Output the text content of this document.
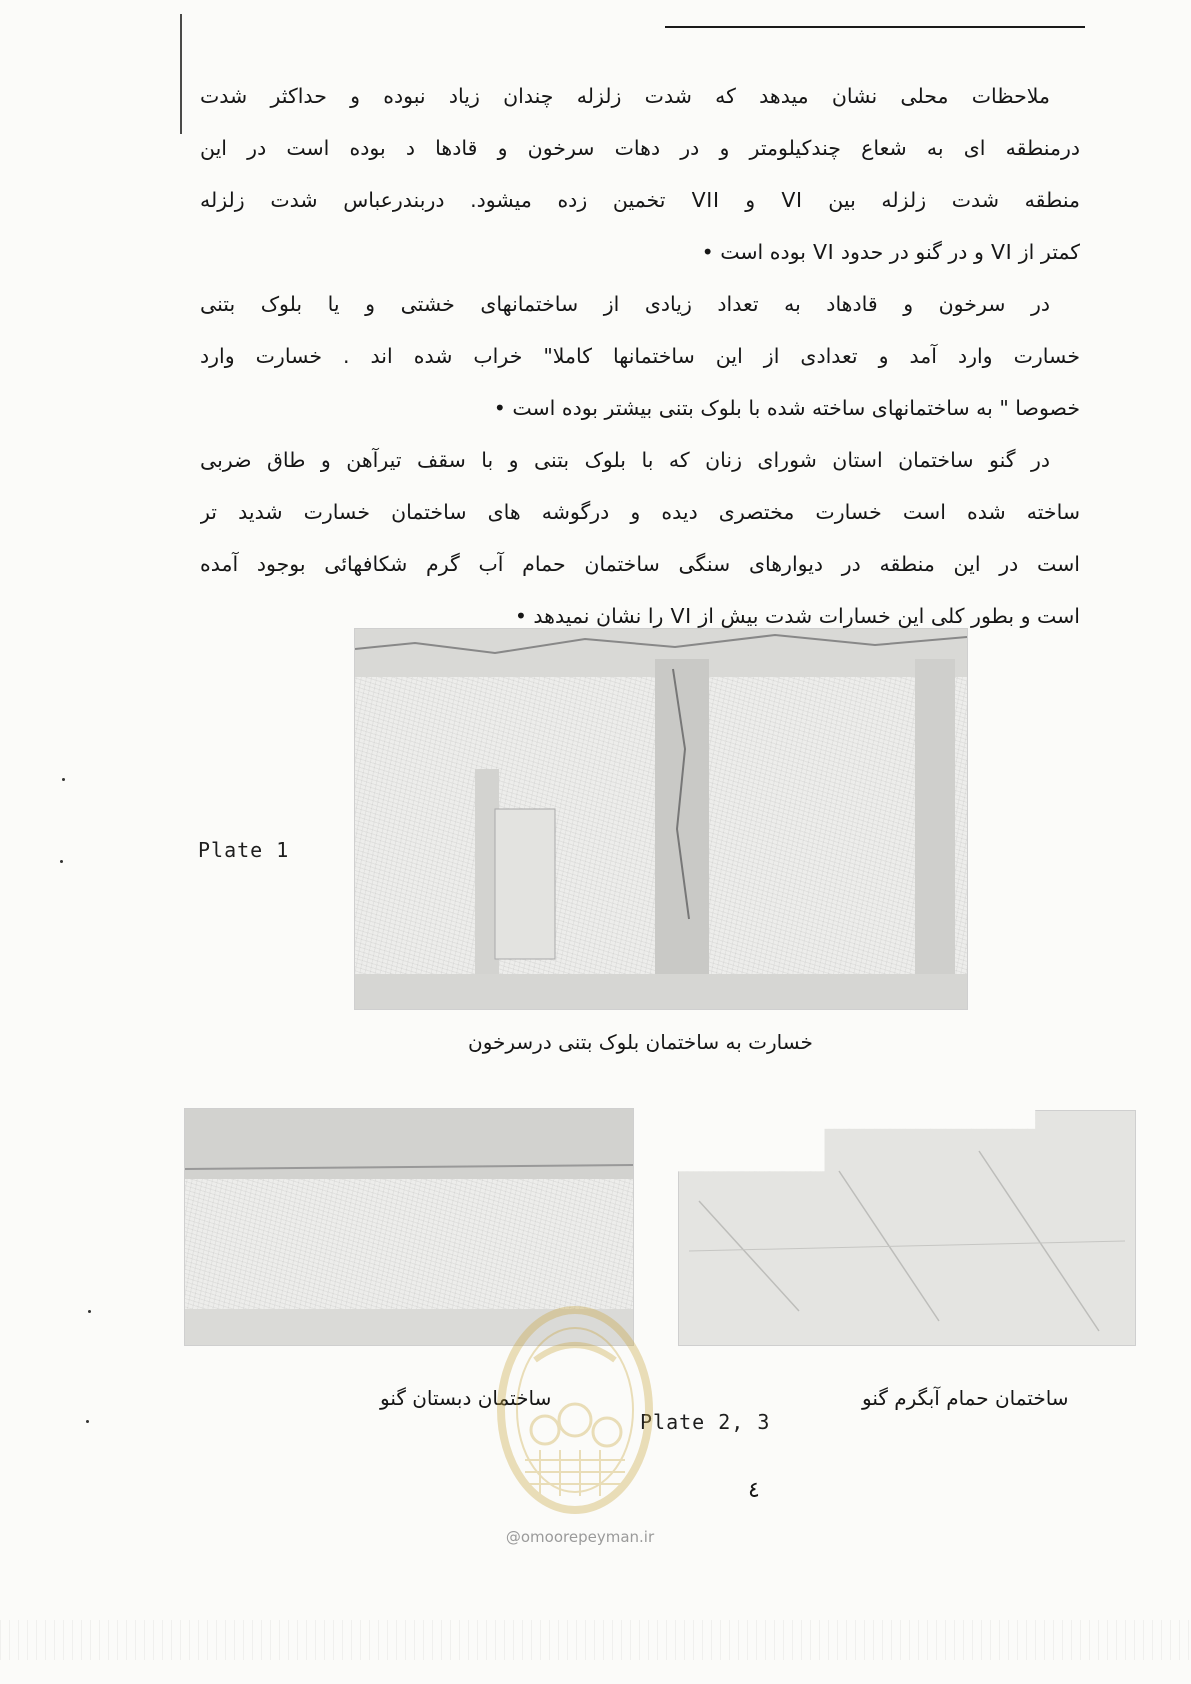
ملاحظات محلی نشان میدهد که شدت زلزله چندان زیاد نبوده و حداکثر شدت
درمنطقه ای به شعاع چندکیلومتر و در دهات سرخون و قادها د بوده است در این
منطقه شدت زلزله بین VI و VII تخمین زده میشود. دربندرعباس شدت زلزله
کمتر از VI و در گنو در حدود VI بوده است •
در سرخون و قادهاد به تعداد زیادی از ساختمانهای خشتی و یا بلوک بتنی
خسارت وارد آمد و تعدادی از این ساختمانها کاملا" خراب شده اند . خسارت وارد
خصوصا " به ساختمانهای ساخته شده با بلوک بتنی بیشتر بوده است •
در گنو ساختمان استان شورای زنان که با بلوک بتنی و با سقف تیرآهن و طاق ضربی
ساخته شده است خسارت مختصری دیده و درگوشه های ساختمان خسارت شدید تر
است در این منطقه در دیوارهای سنگی ساختمان حمام آب گرم شکافهائی بوجود آمده
است و بطور کلی این خسارات شدت بیش از VI را نشان نمیدهد •
Plate 1
خسارت به ساختمان بلوک بتنی درسرخون
ساختمان دبستان گنو	ساختمان حمام آبگرم گنو
Plate 2, 3
٤
@omoorepeyman.ir
